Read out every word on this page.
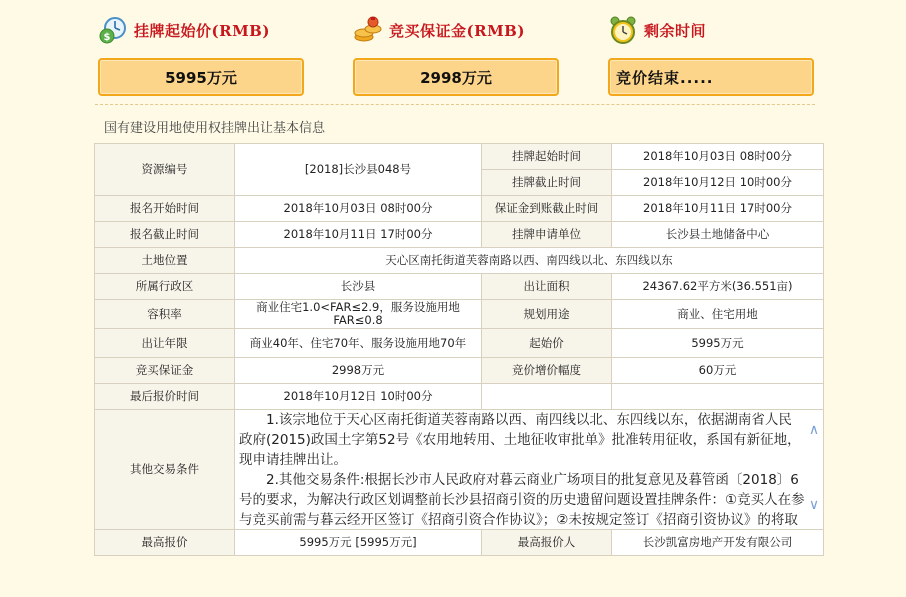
$ 挂牌起始价(RMB)
5995万元
竞买保证金(RMB)
2998万元
剩余时间
竞价结束.....
国有建设用地使用权挂牌出让基本信息
资源编号	[2018]长沙县048号	挂牌起始时间	2018年10月03日 08时00分
		挂牌截止时间	2018年10月12日 10时00分
报名开始时间	2018年10月03日 08时00分	保证金到账截止时间	2018年10月11日 17时00分
报名截止时间	2018年10月11日 17时00分	挂牌申请单位	长沙县土地储备中心
土地位置	天心区南托街道芙蓉南路以西、南四线以北、东四线以东		
所属行政区	长沙县	出让面积	24367.62平方米(36.551亩)
容积率	商业住宅1.0<FAR≤2.9，服务设施用地FAR≤0.8	规划用途	商业、住宅用地
出让年限	商业40年、住宅70年、服务设施用地70年	起始价	5995万元
竞买保证金	2998万元	竞价增价幅度	60万元
最后报价时间	2018年10月12日 10时00分		
其他交易条件	1.该宗地位于天心区南托街道芙蓉南路以西、南四线以北、东四线以东，依据湖南省人民政府(2015)政国土字第52号《农用地转用、土地征收审批单》批准转用征收，系国有新征地，现申请挂牌出让。

2.其他交易条件:根据长沙市人民政府对暮云商业广场项目的批复意见及暮管函〔2018〕6号的要求，为解决行政区划调整前长沙县招商引资的历史遗留问题设置挂牌条件：①竞买人在参与竞买前需与暮云经开区签订《招商引资合作协议》；②未按规定签订《招商引资协议》的将取

∧
∨		

最高报价	5995万元 [5995万元]	最高报价人	长沙凯富房地产开发有限公司
